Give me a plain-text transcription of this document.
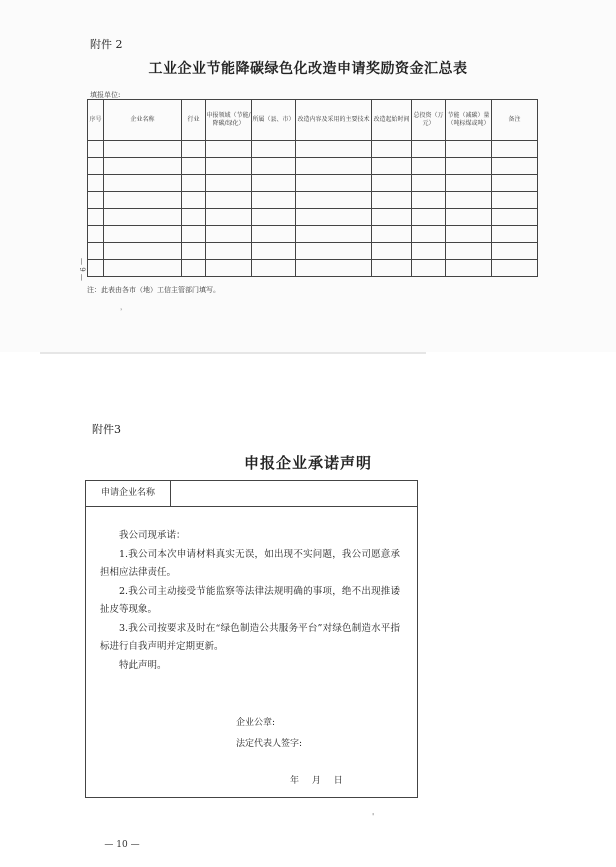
附件 2
工业企业节能降碳绿色化改造申请奖励资金汇总表
填报单位:
— 9 —
序号	企业名称	行业	申报领域（节能/降碳/绿化）	所属（县、市）	改造内容及采用的主要技术	改造起始时间	总投资（万元）	节能（减碳）量（吨标煤或吨）	备注

注：此表由各市（地）工信主管部门填写。
，
附件3
申报企业承诺声明
申请企业名称

我公司现承诺：

1.我公司本次申请材料真实无误，如出现不实问题，我公司愿意承担相应法律责任。

2.我公司主动接受节能监察等法律法规明确的事项，绝不出现推诿扯皮等现象。

3.我公司按要求及时在“绿色制造公共服务平台”对绿色制造水平指标进行自我声明并定期更新。

特此声明。

企业公章:
法定代表人签字:
年 月 日
'
— 10 —
